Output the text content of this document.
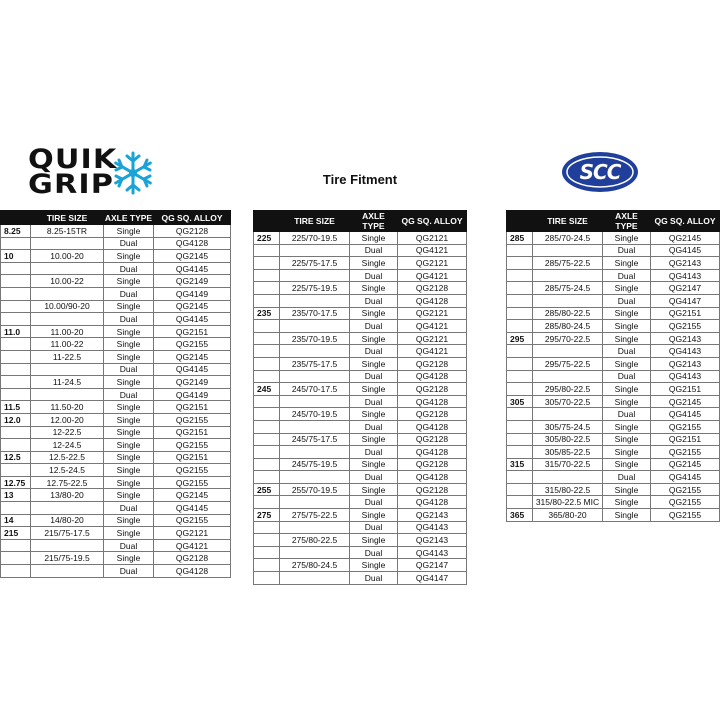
QUIK
GRIP	Tire Fitment	SCC
	TIRE SIZE	AXLE TYPE	QG SQ. ALLOY
8.25	8.25-15TR	Single	QG2128
		Dual	QG4128
10	10.00-20	Single	QG2145
		Dual	QG4145
	10.00-22	Single	QG2149
		Dual	QG4149
	10.00/90-20	Single	QG2145
		Dual	QG4145
11.0	11.00-20	Single	QG2151
	11.00-22	Single	QG2155
	11-22.5	Single	QG2145
		Dual	QG4145
	11-24.5	Single	QG2149
		Dual	QG4149
11.5	11.50-20	Single	QG2151
12.0	12.00-20	Single	QG2155
	12-22.5	Single	QG2151
	12-24.5	Single	QG2155
12.5	12.5-22.5	Single	QG2151
	12.5-24.5	Single	QG2155
12.75	12.75-22.5	Single	QG2155
13	13/80-20	Single	QG2145
		Dual	QG4145
14	14/80-20	Single	QG2155
215	215/75-17.5	Single	QG2121
		Dual	QG4121
	215/75-19.5	Single	QG2128
		Dual	QG4128
	TIRE SIZE	AXLE TYPE	QG SQ. ALLOY
225	225/70-19.5	Single	QG2121
		Dual	QG4121
	225/75-17.5	Single	QG2121
		Dual	QG4121
	225/75-19.5	Single	QG2128
		Dual	QG4128
235	235/70-17.5	Single	QG2121
		Dual	QG4121
	235/70-19.5	Single	QG2121
		Dual	QG4121
	235/75-17.5	Single	QG2128
		Dual	QG4128
245	245/70-17.5	Single	QG2128
		Dual	QG4128
	245/70-19.5	Single	QG2128
		Dual	QG4128
	245/75-17.5	Single	QG2128
		Dual	QG4128
	245/75-19.5	Single	QG2128
		Dual	QG4128
255	255/70-19.5	Single	QG2128
		Dual	QG4128
275	275/75-22.5	Single	QG2143
		Dual	QG4143
	275/80-22.5	Single	QG2143
		Dual	QG4143
	275/80-24.5	Single	QG2147
		Dual	QG4147
	TIRE SIZE	AXLE TYPE	QG SQ. ALLOY
285	285/70-24.5	Single	QG2145
		Dual	QG4145
	285/75-22.5	Single	QG2143
		Dual	QG4143
	285/75-24.5	Single	QG2147
		Dual	QG4147
	285/80-22.5	Single	QG2151
	285/80-24.5	Single	QG2155
295	295/70-22.5	Single	QG2143
		Dual	QG4143
	295/75-22.5	Single	QG2143
		Dual	QG4143
	295/80-22.5	Single	QG2151
305	305/70-22.5	Single	QG2145
		Dual	QG4145
	305/75-24.5	Single	QG2155
	305/80-22.5	Single	QG2151
	305/85-22.5	Single	QG2155
315	315/70-22.5	Single	QG2145
		Dual	QG4145
	315/80-22.5	Single	QG2155
	315/80-22.5 MIC	Single	QG2155
365	365/80-20	Single	QG2155
